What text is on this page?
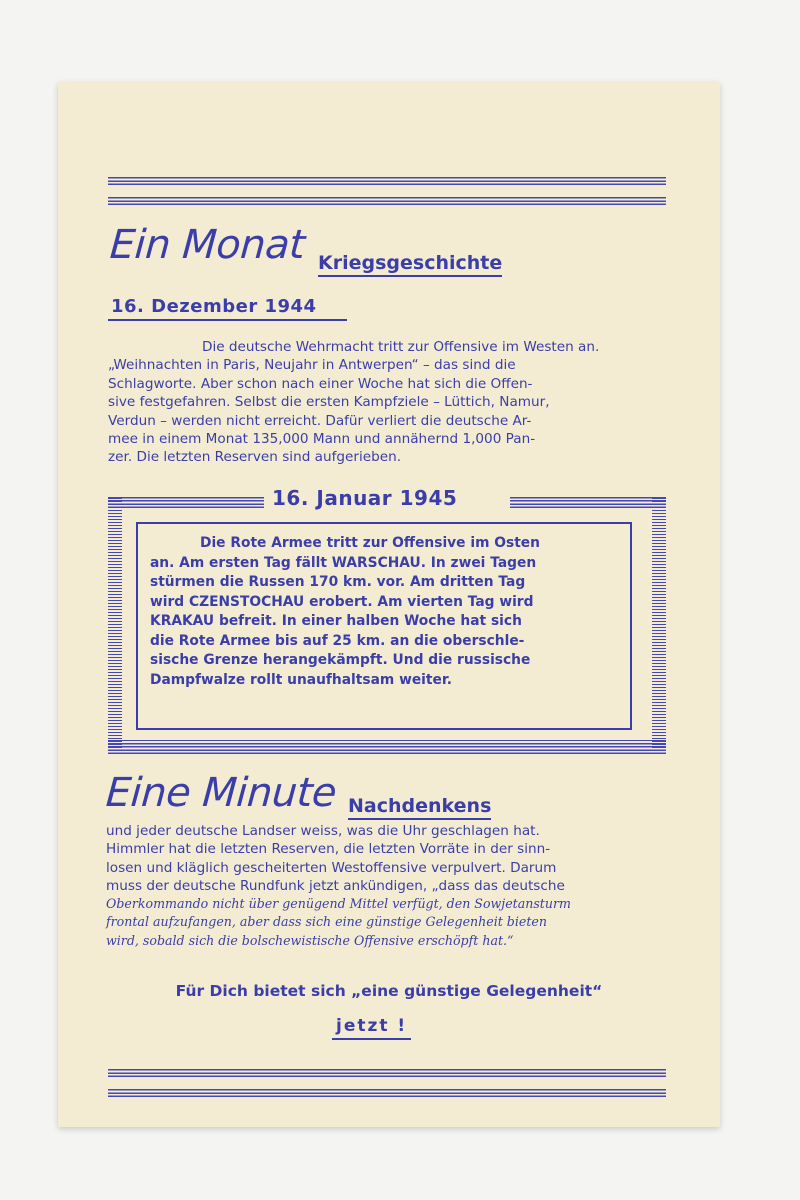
Ein Monat Kriegsgeschichte
16. Dezember 1944
Die deutsche Wehrmacht tritt zur Offensive im Westen an.
„Weihnachten in Paris, Neujahr in Antwerpen“ – das sind die
Schlagworte. Aber schon nach einer Woche hat sich die Offen-
sive festgefahren. Selbst die ersten Kampfziele – Lüttich, Namur,
Verdun – werden nicht erreicht. Dafür verliert die deutsche Ar-
mee in einem Monat 135,000 Mann und annähernd 1,000 Pan-
zer. Die letzten Reserven sind aufgerieben.
16. Januar 1945
Die Rote Armee tritt zur Offensive im Osten
an. Am ersten Tag fällt WARSCHAU. In zwei Tagen
stürmen die Russen 170 km. vor. Am dritten Tag
wird CZENSTOCHAU erobert. Am vierten Tag wird
KRAKAU befreit. In einer halben Woche hat sich
die Rote Armee bis auf 25 km. an die oberschle-
sische Grenze herangekämpft. Und die russische
Dampfwalze rollt unaufhaltsam weiter.
Eine Minute Nachdenkens
und jeder deutsche Landser weiss, was die Uhr geschlagen hat.
Himmler hat die letzten Reserven, die letzten Vorräte in der sinn-
losen und kläglich gescheiterten Westoffensive verpulvert. Darum
muss der deutsche Rundfunk jetzt ankündigen, „dass das deutsche
Oberkommando nicht über genügend Mittel verfügt, den Sowjetansturm
frontal aufzufangen, aber dass sich eine günstige Gelegenheit bieten
wird, sobald sich die bolschewistische Offensive erschöpft hat.“
Für Dich bietet sich „eine günstige Gelegenheit“
jetzt !
